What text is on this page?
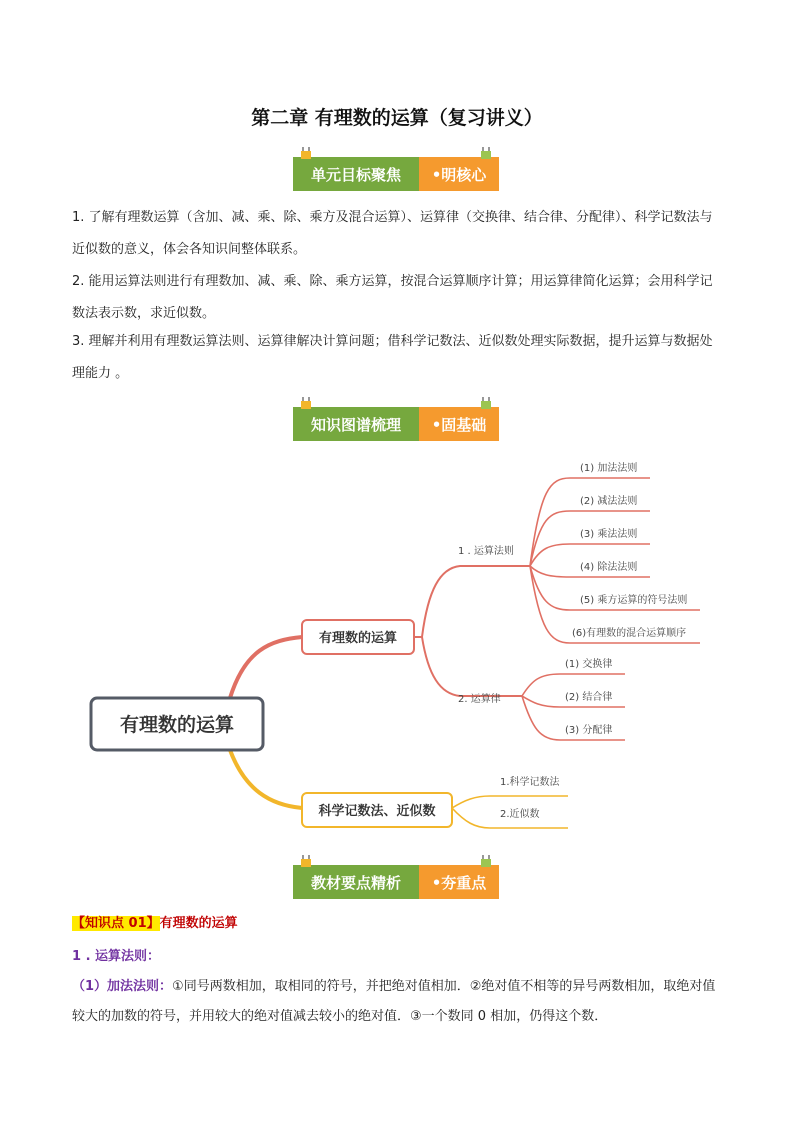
第二章 有理数的运算（复习讲义）
单元目标聚焦	•明核心
1. 了解有理数运算（含加、减、乘、除、乘方及混合运算）、运算律（交换律、结合律、分配律）、科学记数法与近似数的意义，体会各知识间整体联系。
2. 能用运算法则进行有理数加、减、乘、除、乘方运算，按混合运算顺序计算；用运算律简化运算；会用科学记数法表示数，求近似数。
3. 理解并利用有理数运算法则、运算律解决计算问题；借科学记数法、近似数处理实际数据，提升运算与数据处理能力 。
知识图谱梳理	•固基础
有理数的运算
有理数的运算
科学记数法、近似数
1 . 运算法则
2. 运算律
(1) 加法法则
(2) 减法法则
(3) 乘法法则
(4) 除法法则
(5) 乘方运算的符号法则
(6)有理数的混合运算顺序
(1) 交换律
(2) 结合律
(3) 分配律
1.科学记数法
2.近似数
教材要点精析	•夯重点
【知识点 01】有理数的运算
1 . 运算法则：
（1）加法法则：①同号两数相加，取相同的符号，并把绝对值相加．②绝对值不相等的异号两数相加，取绝对值较大的加数的符号，并用较大的绝对值减去较小的绝对值．③一个数同 0 相加，仍得这个数．
